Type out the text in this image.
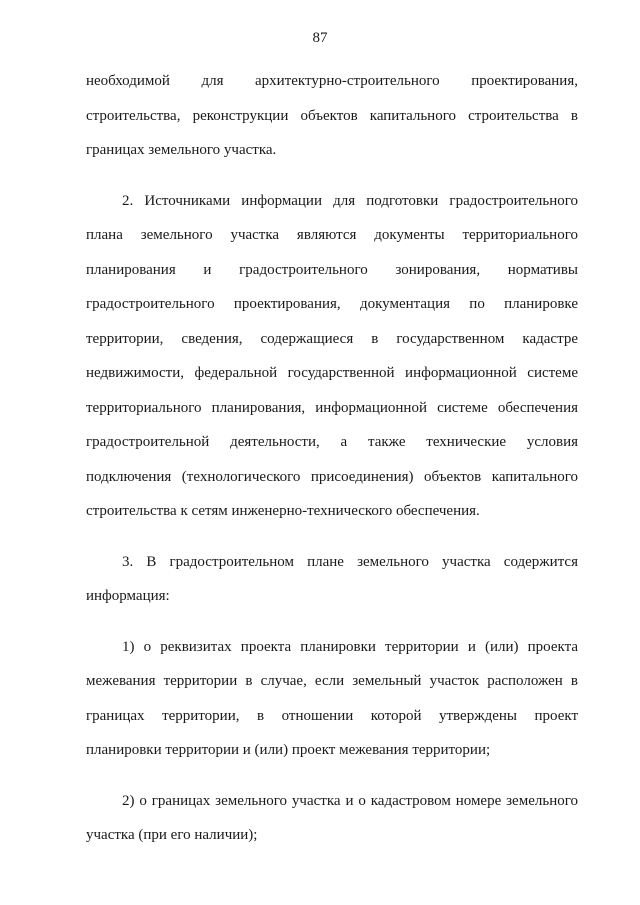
87

необходимой для архитектурно-строительного проектирования,
строительства, реконструкции объектов капитального строительства в
границах земельного участка.

2. Источниками информации для подготовки градостроительного
плана земельного участка являются документы территориального
планирования и градостроительного зонирования, нормативы
градостроительного проектирования, документация по планировке
территории, сведения, содержащиеся в государственном кадастре
недвижимости, федеральной государственной информационной системе
территориального планирования, информационной системе обеспечения
градостроительной деятельности, а также технические условия
подключения (технологического присоединения) объектов капитального
строительства к сетям инженерно-технического обеспечения.

3. В градостроительном плане земельного участка содержится
информация:

1) о реквизитах проекта планировки территории и (или) проекта
межевания территории в случае, если земельный участок расположен в
границах территории, в отношении которой утверждены проект
планировки территории и (или) проект межевания территории;

2) о границах земельного участка и о кадастровом номере земельного
участка (при его наличии);
